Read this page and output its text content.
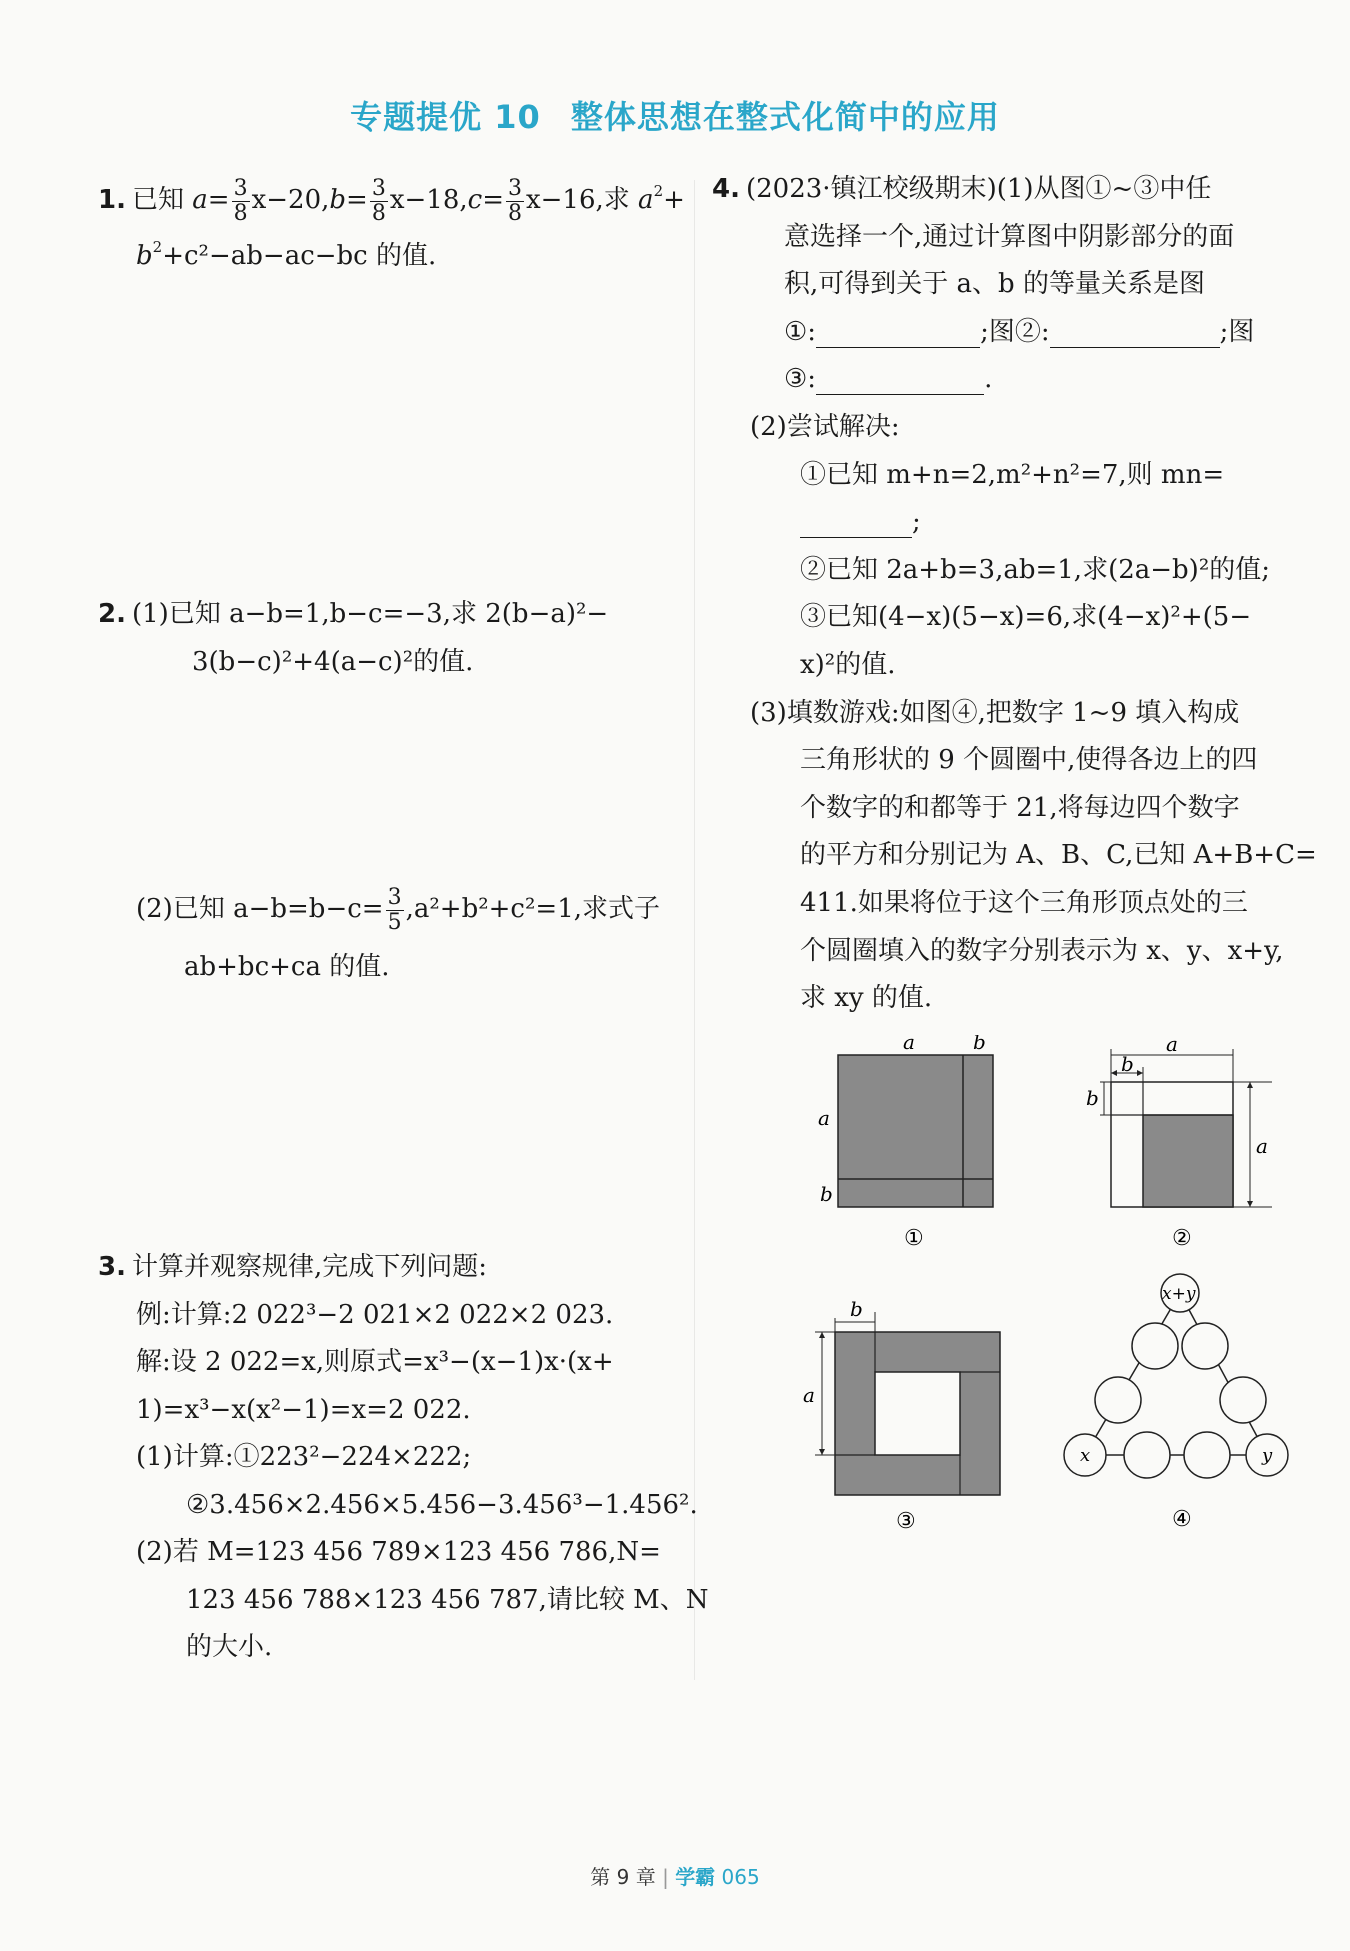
专题提优 10 整体思想在整式化简中的应用
1. 已知 $a= \frac{3}{8} x-20,b= \frac{3}{8} x-18,c= \frac{3}{8} x-16$,求 $a^2+$
$b^2+c^2-ab-ac-bc$ 的值.
2. (1)已知 a−b=1,b−c=−3,求 2(b−a)²−
3(b−c)²+4(a−c)²的值.
(2)已知 $a-b=b-c= \frac{3}{5} ,a^2+b^2+c^2=1$,求式子
ab+bc+ca 的值.
3. 计算并观察规律,完成下列问题:
例:计算:2 022³−2 021×2 022×2 023.
解:设 2 022=x,则原式=x³−(x−1)x·(x+
1)=x³−x(x²−1)=x=2 022.
(1)计算:①223²−224×222;
②3.456×2.456×5.456−3.456³−1.456².
(2)若 M=123 456 789×123 456 786,N=
123 456 788×123 456 787,请比较 M、N
的大小.
4. (2023·镇江校级期末)(1)从图①~③中任
意选择一个,通过计算图中阴影部分的面
积,可得到关于 a、b 的等量关系是图
①:	;图②:	;图
③:	.
(2)尝试解决:
①已知 m+n=2,m²+n²=7,则 mn=
;
②已知 2a+b=3,ab=1,求(2a−b)²的值;
③已知(4−x)(5−x)=6,求(4−x)²+(5−
x)²的值.
(3)填数游戏:如图④,把数字 1~9 填入构成
三角形状的 9 个圆圈中,使得各边上的四
个数字的和都等于 21,将每边四个数字
的平方和分别记为 A、B、C,已知 A+B+C=
411.如果将位于这个三角形顶点处的三
个圆圈填入的数字分别表示为 x、y、x+y,
求 xy 的值.
a	b
a
b
①
a
b
b
a
②
b
a
③
x+y
x	y
④
第 9 章 | 学霸 065
